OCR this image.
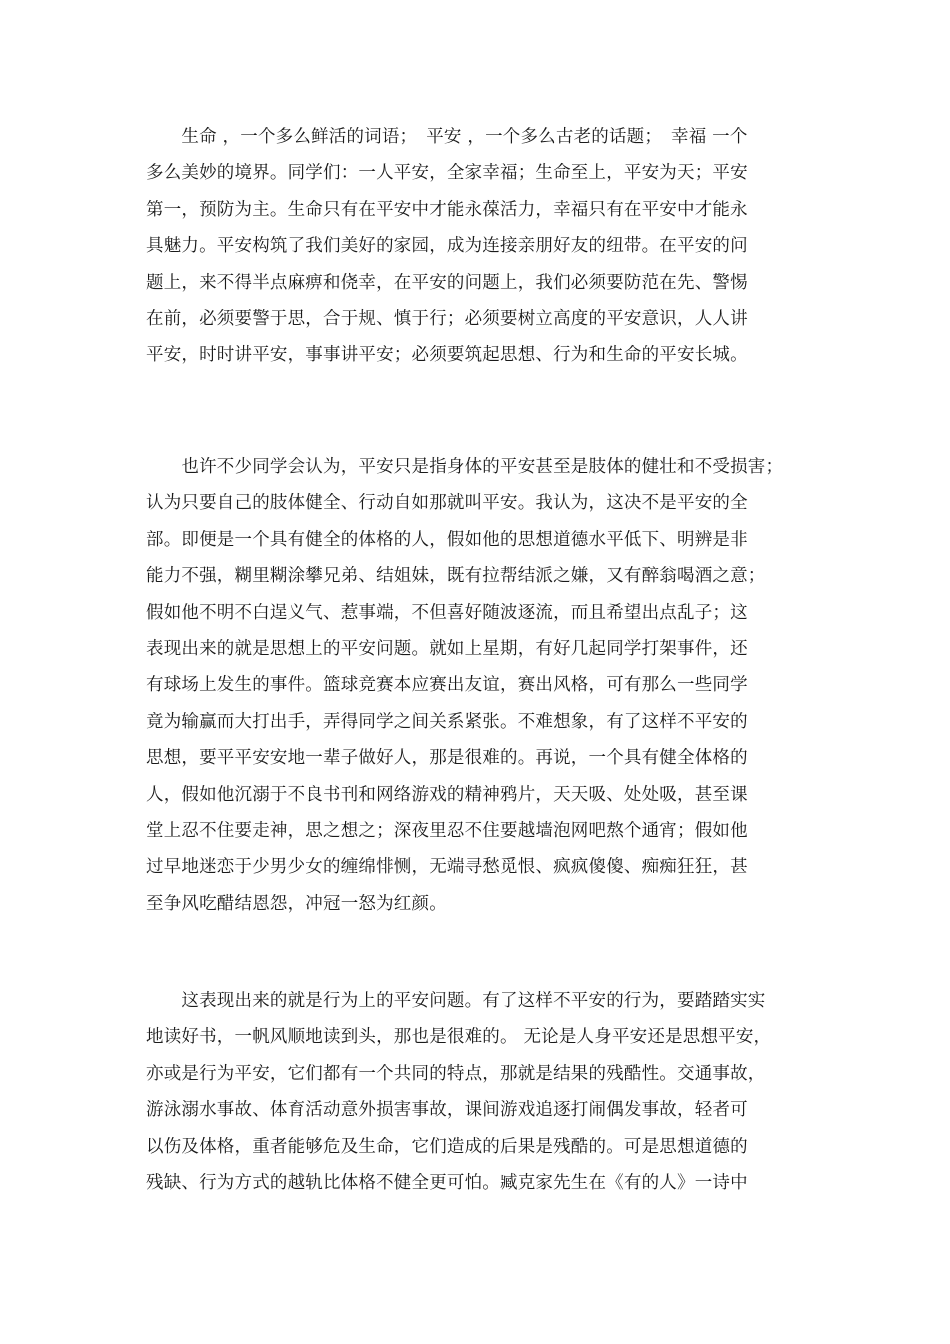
　　生命 ，一个多么鲜活的词语；　平安 ，一个多么古老的话题；　幸福 一个
多么美妙的境界。同学们：一人平安，全家幸福；生命至上，平安为天；平安
第一，预防为主。生命只有在平安中才能永葆活力，幸福只有在平安中才能永
具魅力。平安构筑了我们美好的家园，成为连接亲朋好友的纽带。在平安的问
题上，来不得半点麻痹和侥幸，在平安的问题上，我们必须要防范在先、警惕
在前，必须要警于思，合于规、慎于行；必须要树立高度的平安意识，人人讲
平安，时时讲平安，事事讲平安；必须要筑起思想、行为和生命的平安长城。
　　也许不少同学会认为，平安只是指身体的平安甚至是肢体的健壮和不受损害；
认为只要自己的肢体健全、行动自如那就叫平安。我认为，这决不是平安的全
部。即便是一个具有健全的体格的人，假如他的思想道德水平低下、明辨是非
能力不强，糊里糊涂攀兄弟、结姐妹，既有拉帮结派之嫌，又有醉翁喝酒之意；
假如他不明不白逞义气、惹事端，不但喜好随波逐流，而且希望出点乱子；这
表现出来的就是思想上的平安问题。就如上星期，有好几起同学打架事件，还
有球场上发生的事件。篮球竞赛本应赛出友谊，赛出风格，可有那么一些同学
竟为输赢而大打出手，弄得同学之间关系紧张。不难想象，有了这样不平安的
思想，要平平安安地一辈子做好人，那是很难的。再说，一个具有健全体格的
人，假如他沉溺于不良书刊和网络游戏的精神鸦片，天天吸、处处吸，甚至课
堂上忍不住要走神，思之想之；深夜里忍不住要越墙泡网吧熬个通宵；假如他
过早地迷恋于少男少女的缠绵悱恻，无端寻愁觅恨、疯疯傻傻、痴痴狂狂，甚
至争风吃醋结恩怨，冲冠一怒为红颜。
　　这表现出来的就是行为上的平安问题。有了这样不平安的行为，要踏踏实实
地读好书，一帆风顺地读到头，那也是很难的。 无论是人身平安还是思想平安，
亦或是行为平安，它们都有一个共同的特点，那就是结果的残酷性。交通事故，
游泳溺水事故、体育活动意外损害事故，课间游戏追逐打闹偶发事故，轻者可
以伤及体格，重者能够危及生命，它们造成的后果是残酷的。可是思想道德的
残缺、行为方式的越轨比体格不健全更可怕。臧克家先生在《有的人》一诗中
